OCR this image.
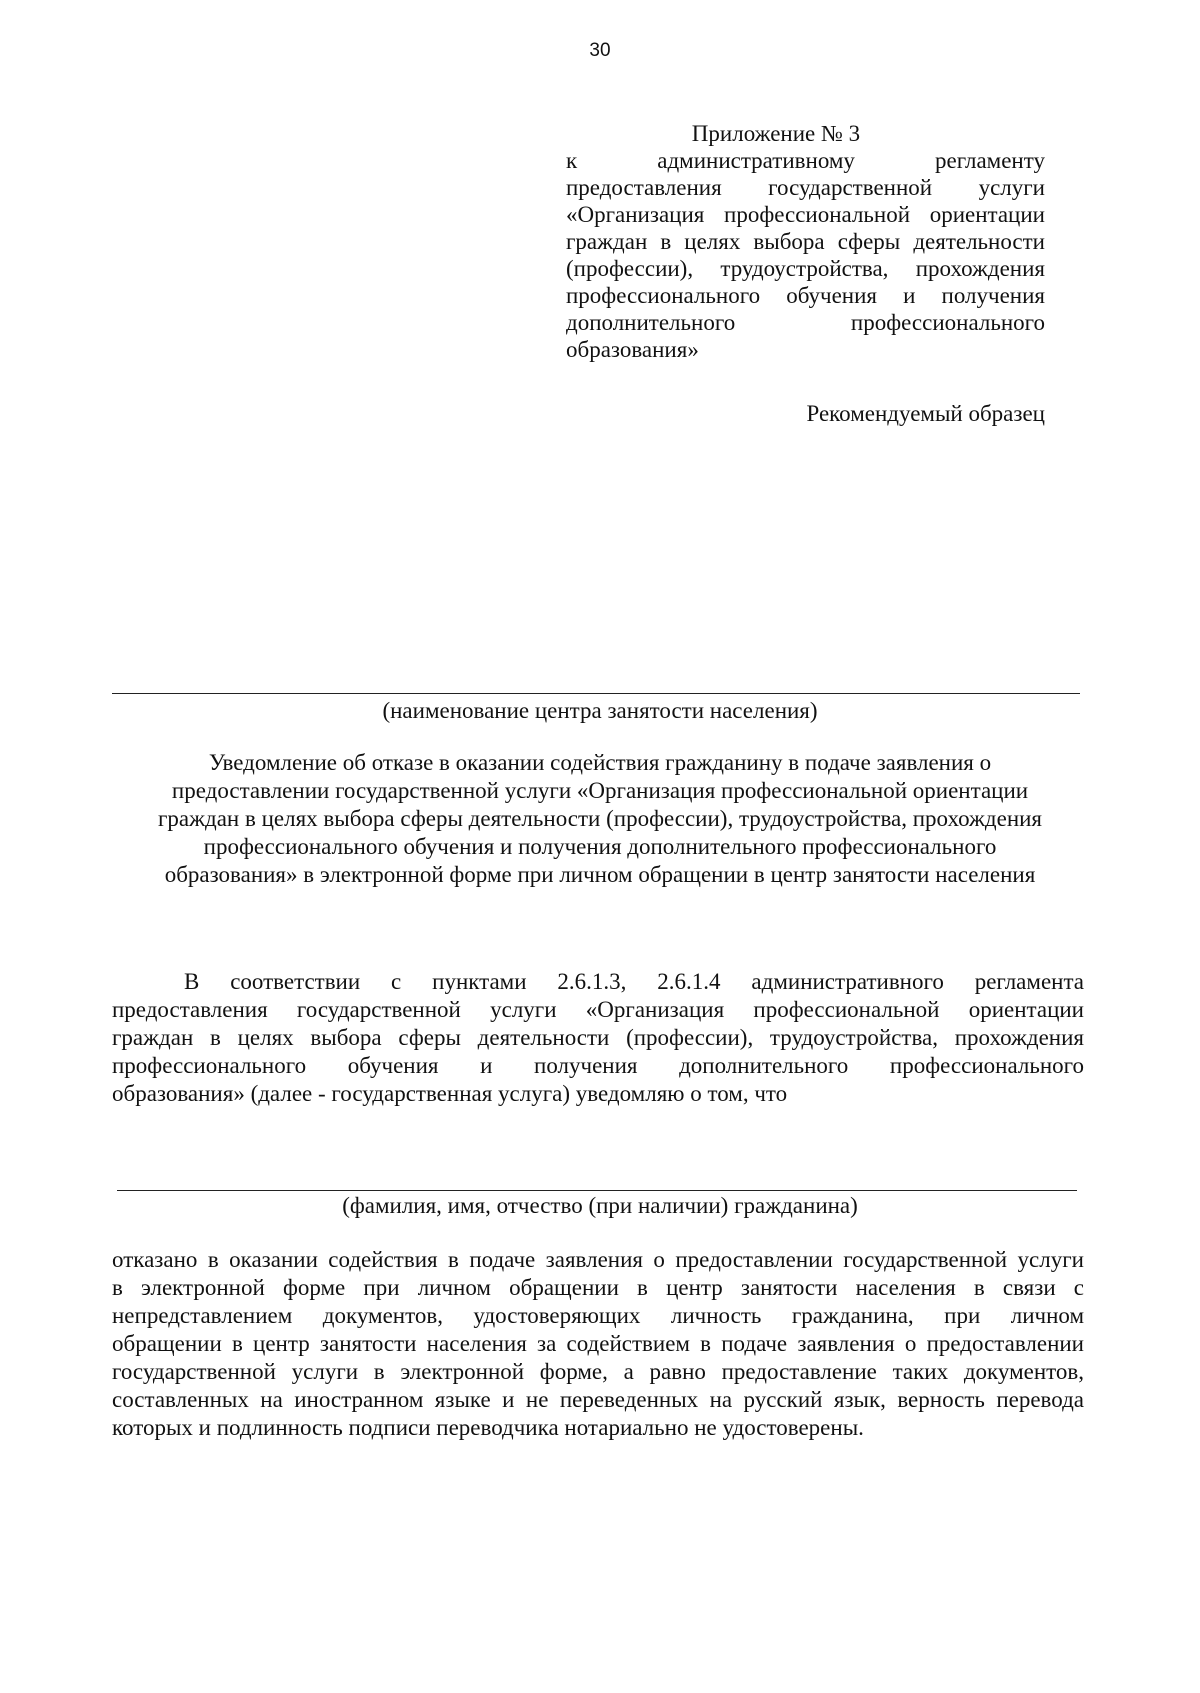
30
Приложение № 3
к административному регламенту
предоставления государственной услуги
«Организация профессиональной ориентации
граждан в целях выбора сферы деятельности
(профессии), трудоустройства, прохождения
профессионального обучения и получения
дополнительного профессионального
образования»
Рекомендуемый образец
(наименование центра занятости населения)
Уведомление об отказе в оказании содействия гражданину в подаче заявления о
предоставлении государственной услуги «Организация профессиональной ориентации
граждан в целях выбора сферы деятельности (профессии), трудоустройства, прохождения
профессионального обучения и получения дополнительного профессионального
образования» в электронной форме при личном обращении в центр занятости населения
В соответствии с пунктами 2.6.1.3, 2.6.1.4 административного регламента
предоставления государственной услуги «Организация профессиональной ориентации
граждан в целях выбора сферы деятельности (профессии), трудоустройства, прохождения
профессионального обучения и получения дополнительного профессионального
образования» (далее - государственная услуга) уведомляю о том, что
(фамилия, имя, отчество (при наличии) гражданина)
отказано в оказании содействия в подаче заявления о предоставлении государственной услуги
в электронной форме при личном обращении в центр занятости населения в связи с
непредставлением документов, удостоверяющих личность гражданина, при личном
обращении в центр занятости населения за содействием в подаче заявления о предоставлении
государственной услуги в электронной форме, а равно предоставление таких документов,
составленных на иностранном языке и не переведенных на русский язык, верность перевода
которых и подлинность подписи переводчика нотариально не удостоверены.
